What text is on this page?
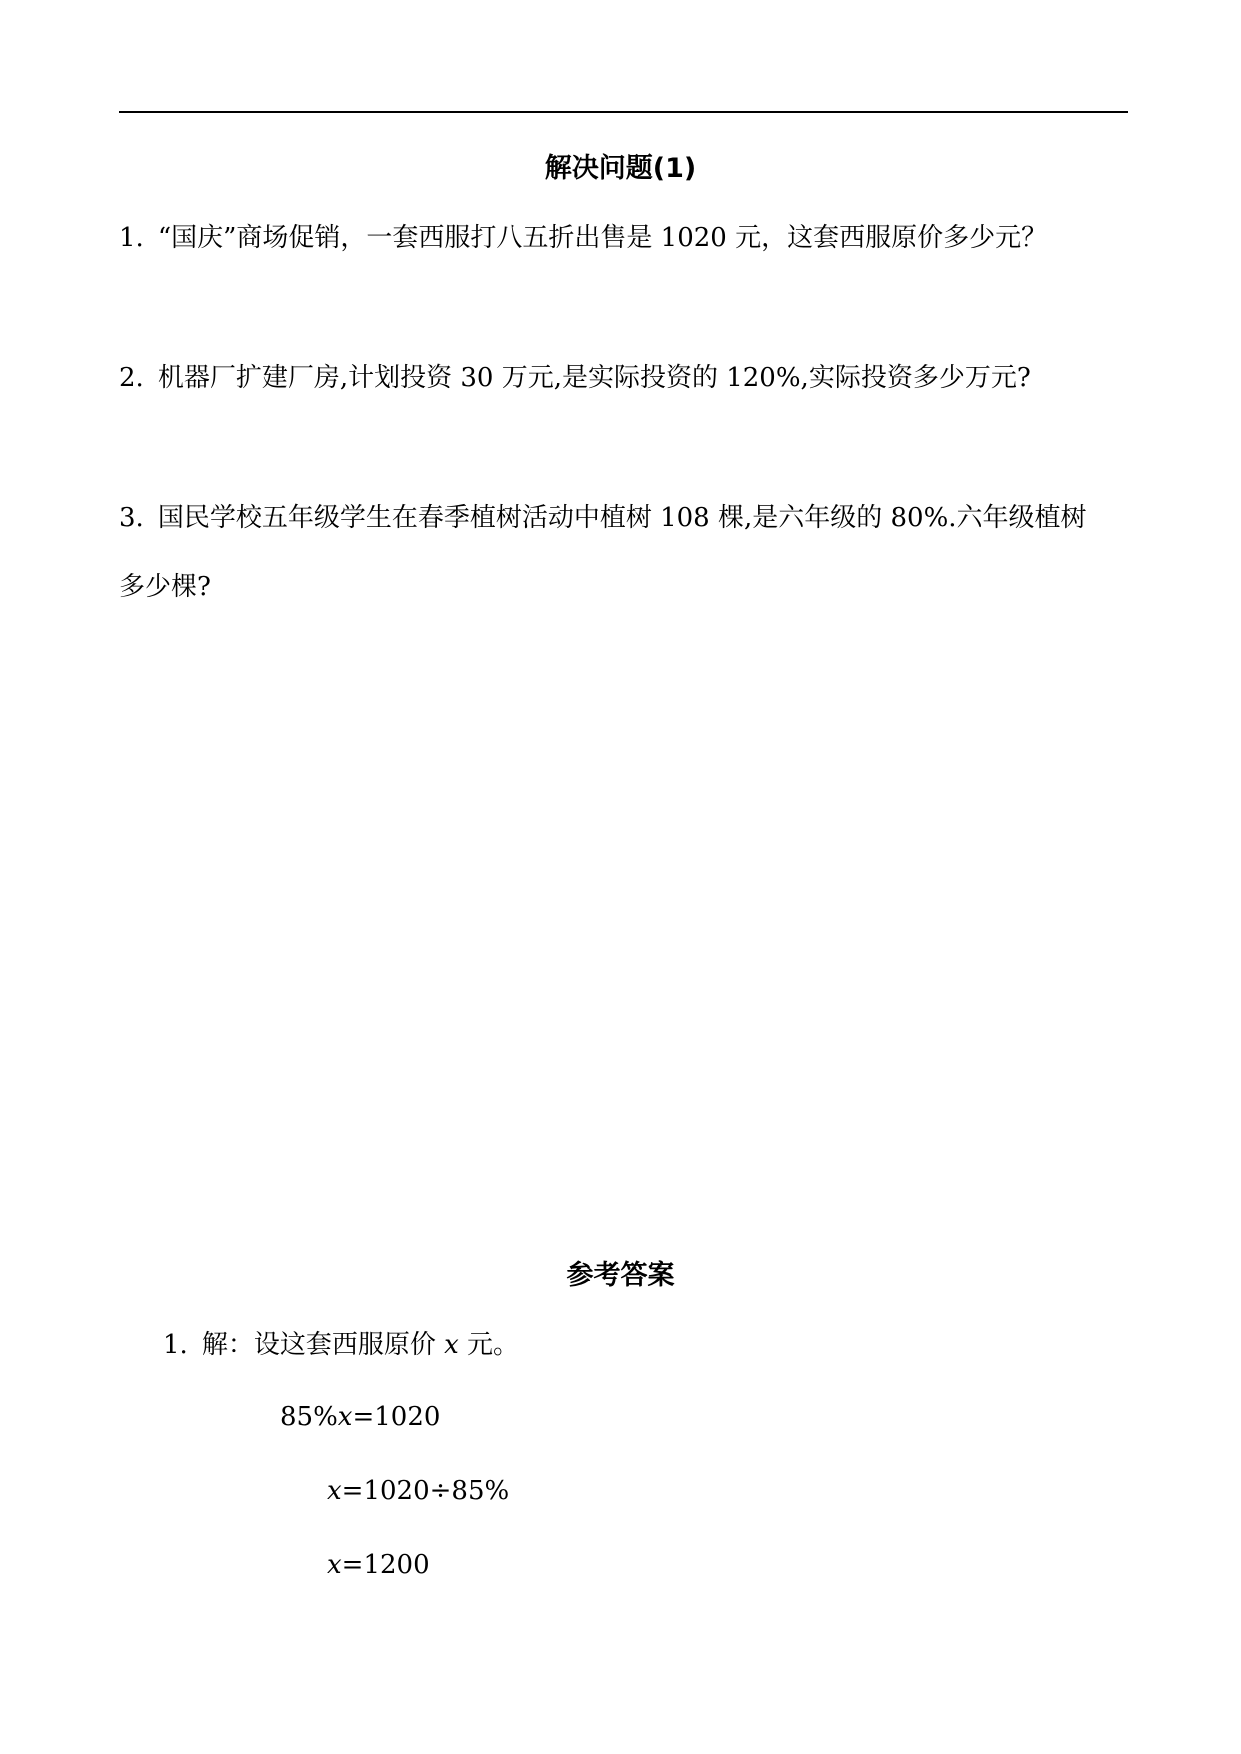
解决问题(1)
1. “国庆”商场促销，一套西服打八五折出售是 1020 元，这套西服原价多少元？
2. 机器厂扩建厂房,计划投资 30 万元,是实际投资的 120%,实际投资多少万元?
3. 国民学校五年级学生在春季植树活动中植树 108 棵,是六年级的 80%.六年级植树多少棵?
参考答案
1. 解：设这套西服原价 x 元。
85%x=1020
x=1020÷85%
x=1200
